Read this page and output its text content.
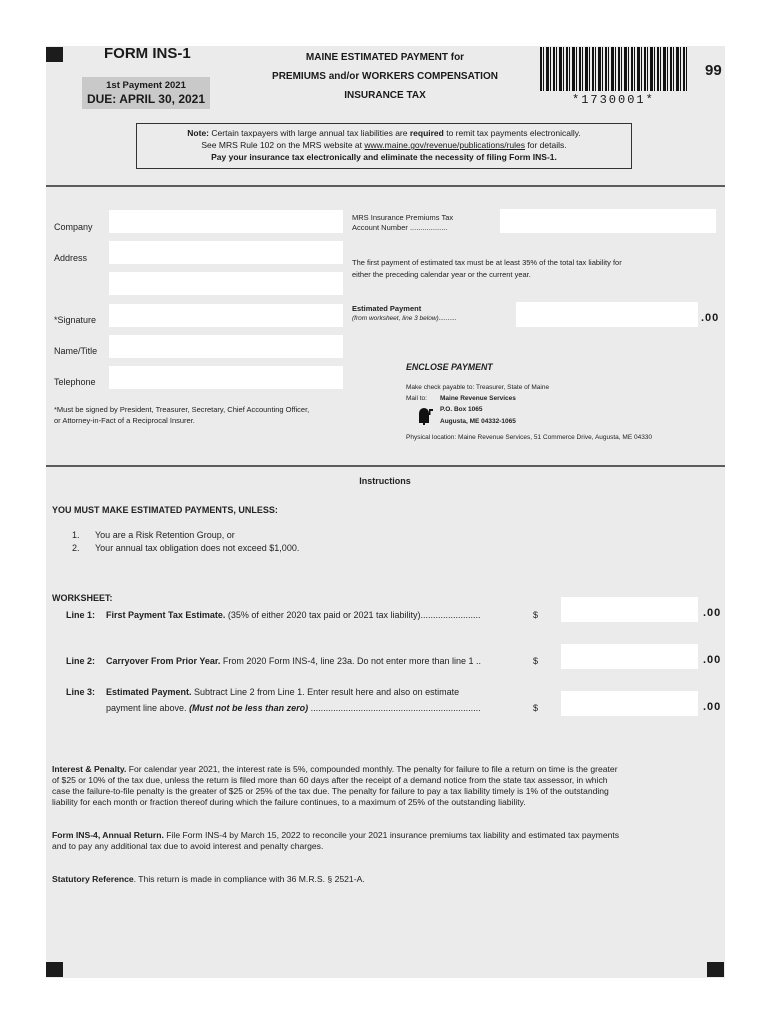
FORM INS-1
1st Payment 2021
DUE: APRIL 30, 2021
MAINE ESTIMATED PAYMENT for
PREMIUMS and/or WORKERS COMPENSATION
INSURANCE TAX	*1730001*
99
Note: Certain taxpayers with large annual tax liabilities are required to remit tax payments electronically.
See MRS Rule 102 on the MRS website at www.maine.gov/revenue/publications/rules for details.
Pay your insurance tax electronically and eliminate the necessity of filing Form INS-1.
Company
Address
*Signature
Name/Title
Telephone
*Must be signed by President, Treasurer, Secretary, Chief Accounting Officer,
or Attorney-in-Fact of a Reciprocal Insurer.
MRS Insurance Premiums Tax
Account Number ..................
The first payment of estimated tax must be at least 35% of the total tax liability for
either the preceding calendar year or the current year.
Estimated Payment
(from worksheet, line 3 below)..........	.00
ENCLOSE PAYMENT
Make check payable to: Treasurer, State of Maine
Mail to: Maine Revenue Services
P.O. Box 1065
Augusta, ME 04332-1065
Physical location: Maine Revenue Services, 51 Commerce Drive, Augusta, ME 04330
Instructions
YOU MUST MAKE ESTIMATED PAYMENTS, UNLESS:
1. You are a Risk Retention Group, or
2. Your annual tax obligation does not exceed $1,000.
WORKSHEET:
Line 1: First Payment Tax Estimate. (35% of either 2020 tax paid or 2021 tax liability)........................	$	.00
Line 2: Carryover From Prior Year. From 2020 Form INS-4, line 23a. Do not enter more than line 1 ..	$	.00
Line 3: Estimated Payment. Subtract Line 2 from Line 1. Enter result here and also on estimate
payment line above. (Must not be less than zero) ....................................................................	$	.00
Interest & Penalty. For calendar year 2021, the interest rate is 5%, compounded monthly. The penalty for failure to file a return on time is the greater
of $25 or 10% of the tax due, unless the return is filed more than 60 days after the receipt of a demand notice from the state tax assessor, in which
case the failure-to-file penalty is the greater of $25 or 25% of the tax due. The penalty for failure to pay a tax liability timely is 1% of the outstanding
liability for each month or fraction thereof during which the failure continues, to a maximum of 25% of the outstanding liability.
Form INS-4, Annual Return. File Form INS-4 by March 15, 2022 to reconcile your 2021 insurance premiums tax liability and estimated tax payments
and to pay any additional tax due to avoid interest and penalty charges.
Statutory Reference. This return is made in compliance with 36 M.R.S. § 2521-A.
